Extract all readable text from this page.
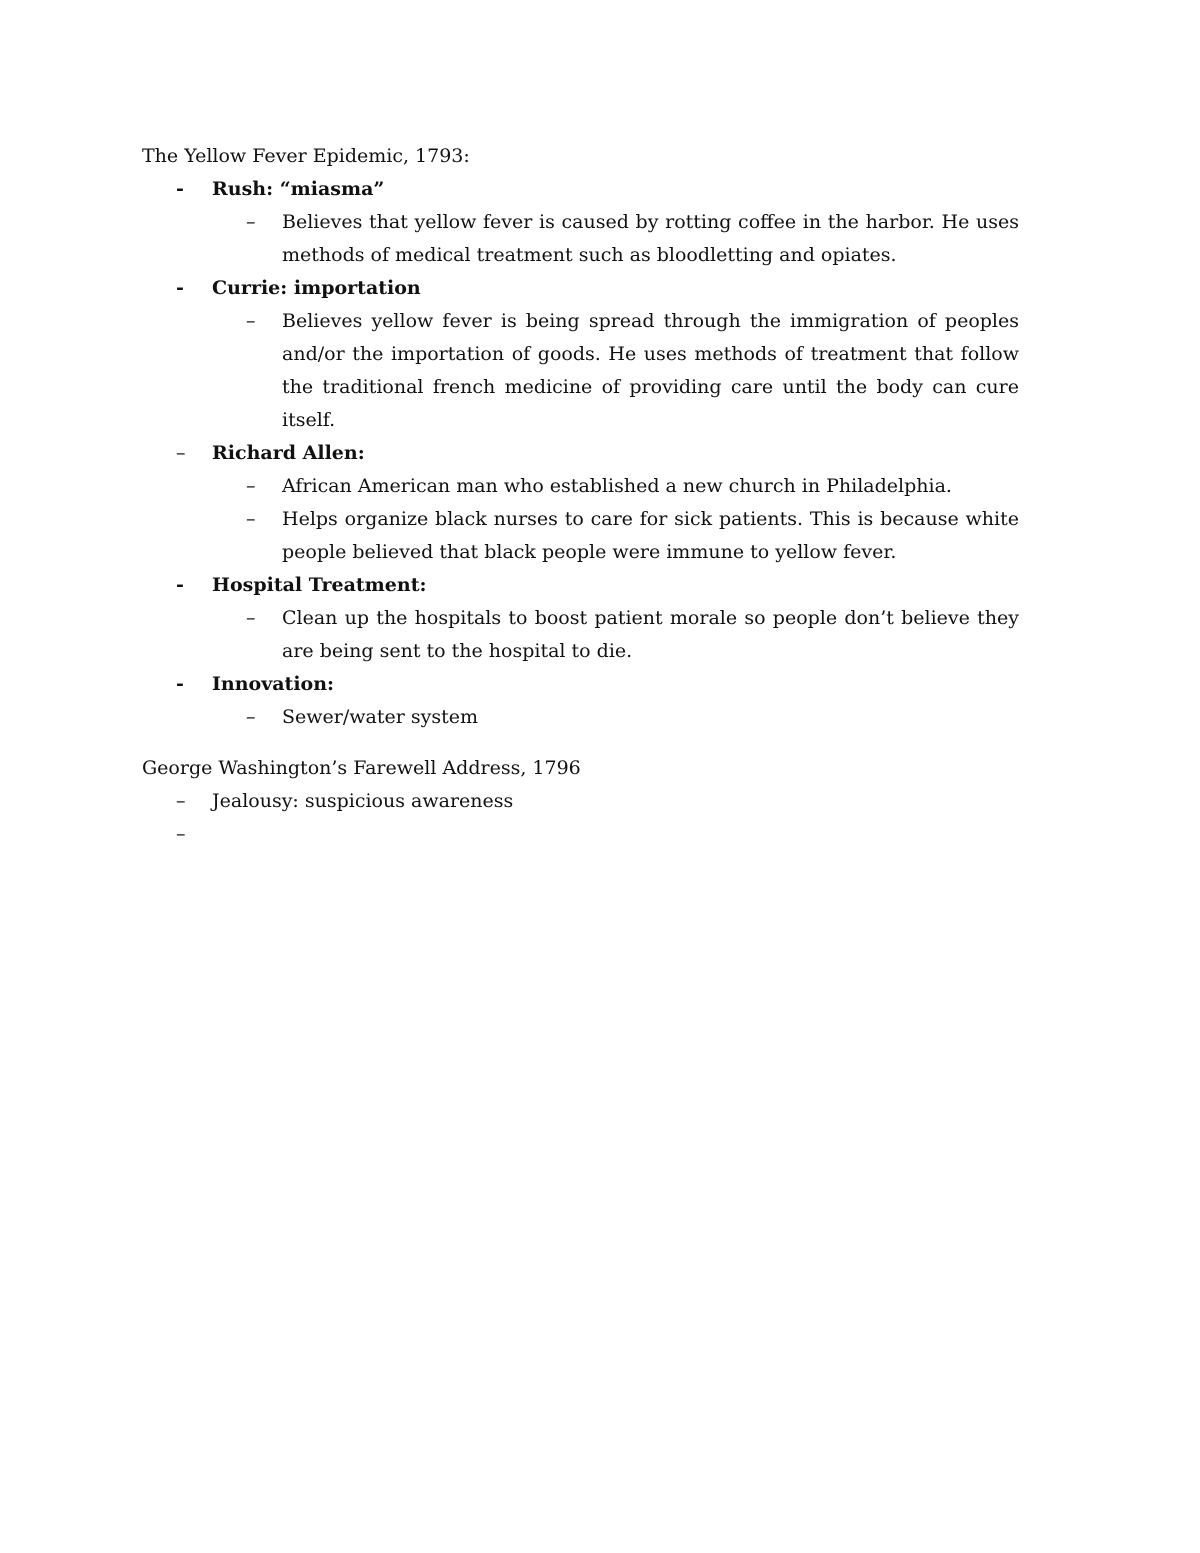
The Yellow Fever Epidemic, 1793:

-	Rush: “miasma”
–	Believes that yellow fever is caused by rotting coffee in the harbor. He uses methods of medical treatment such as bloodletting and opiates.
-	Currie: importation
–	Believes yellow fever is being spread through the immigration of peoples and/or the importation of goods. He uses methods of treatment that follow the traditional french medicine of providing care until the body can cure itself.
–	Richard Allen:
–	African American man who established a new church in Philadelphia.
–	Helps organize black nurses to care for sick patients. This is because white people believed that black people were immune to yellow fever.
-	Hospital Treatment:
–	Clean up the hospitals to boost patient morale so people don’t believe they are being sent to the hospital to die.
-	Innovation:
–	Sewer/water system

George Washington’s Farewell Address, 1796

–	Jealousy: suspicious awareness
–
